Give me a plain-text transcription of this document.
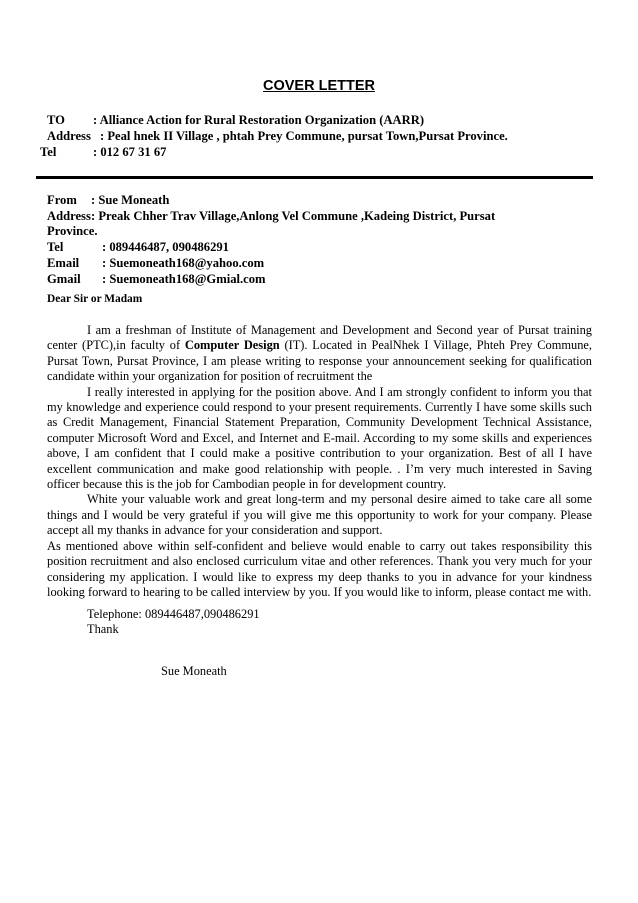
COVER LETTER
TO : Alliance Action for Rural Restoration Organization (AARR)
Address : Peal hnek II Village , phtah Prey Commune, pursat Town,Pursat Province.
Tel	: 012 67 31 67
From : Sue Moneath
Address: Preak Chher Trav Village,Anlong Vel Commune ,Kadeing District, Pursat
Province.
Tel	: 089446487, 090486291
Email : Suemoneath168@yahoo.com
Gmail : Suemoneath168@Gmial.com
Dear Sir or Madam

I am a freshman of Institute of Management and Development and Second year of Pursat training center (PTC),in faculty of Computer Design (IT). Located in PealNhek I Village, Phteh Prey Commune, Pursat Town, Pursat Province, I am please writing to response your announcement seeking for qualification candidate within your organization for position of recruitment the

I really interested in applying for the position above. And I am strongly confident to inform you that my knowledge and experience could respond to your present requirements. Currently I have some skills such as Credit Management, Financial Statement Preparation, Community Development Technical Assistance, computer Microsoft Word and Excel, and Internet and E-mail. According to my some skills and experiences above, I am confident that I could make a positive contribution to your organization. Best of all I have excellent communication and make good relationship with people. . I’m very much interested in Saving officer because this is the job for Cambodian people in for development country.

White your valuable work and great long-term and my personal desire aimed to take care all some things and I would be very grateful if you will give me this opportunity to work for your company. Please accept all my thanks in advance for your consideration and support.

As mentioned above within self-confident and believe would enable to carry out takes responsibility this position recruitment and also enclosed curriculum vitae and other references. Thank you very much for your considering my application. I would like to express my deep thanks to you in advance for your kindness looking forward to hearing to be called interview by you. If you would like to inform, please contact me with.

Telephone: 089446487,090486291
Thank
Sue Moneath
